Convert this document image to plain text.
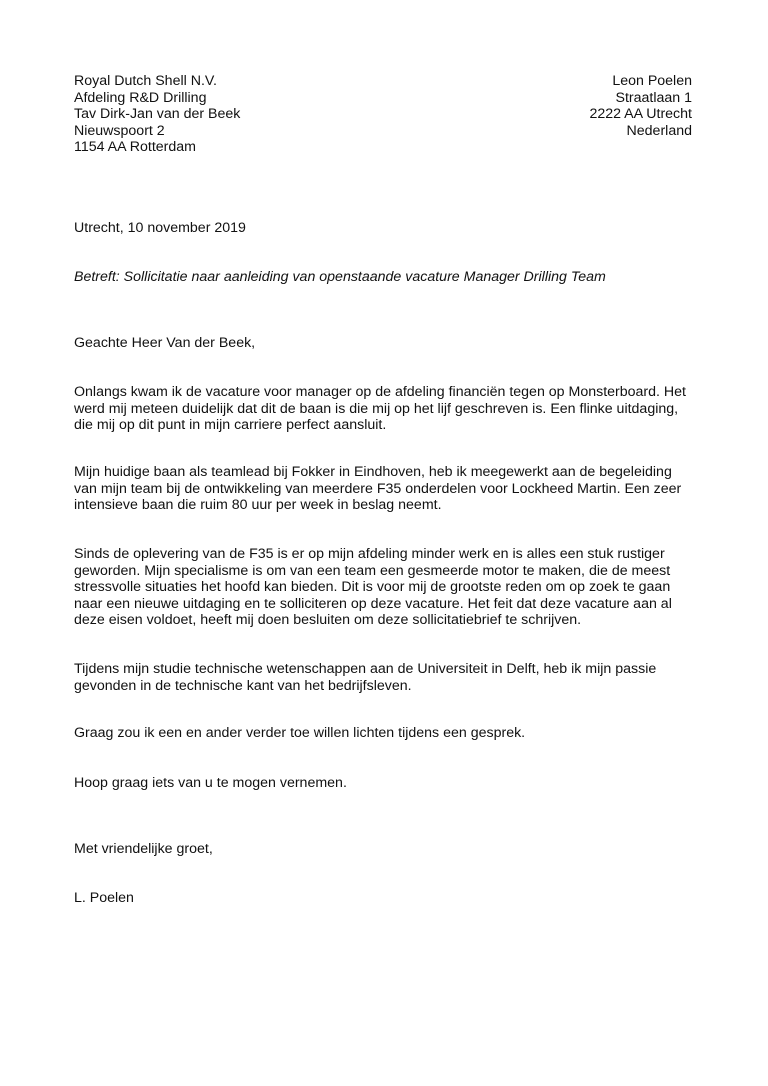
Royal Dutch Shell N.V.
Afdeling R&D Drilling
Tav Dirk-Jan van der Beek
Nieuwspoort 2
1154 AA Rotterdam
Leon Poelen
Straatlaan 1
2222 AA Utrecht
Nederland
Utrecht, 10 november 2019
Betreft: Sollicitatie naar aanleiding van openstaande vacature Manager Drilling Team
Geachte Heer Van der Beek,
Onlangs kwam ik de vacature voor manager op de afdeling financiën tegen op Monsterboard. Het
werd mij meteen duidelijk dat dit de baan is die mij op het lijf geschreven is. Een flinke uitdaging,
die mij op dit punt in mijn carriere perfect aansluit.
Mijn huidige baan als teamlead bij Fokker in Eindhoven, heb ik meegewerkt aan de begeleiding
van mijn team bij de ontwikkeling van meerdere F35 onderdelen voor Lockheed Martin. Een zeer
intensieve baan die ruim 80 uur per week in beslag neemt.
Sinds de oplevering van de F35 is er op mijn afdeling minder werk en is alles een stuk rustiger
geworden. Mijn specialisme is om van een team een gesmeerde motor te maken, die de meest
stressvolle situaties het hoofd kan bieden. Dit is voor mij de grootste reden om op zoek te gaan
naar een nieuwe uitdaging en te solliciteren op deze vacature. Het feit dat deze vacature aan al
deze eisen voldoet, heeft mij doen besluiten om deze sollicitatiebrief te schrijven.
Tijdens mijn studie technische wetenschappen aan de Universiteit in Delft, heb ik mijn passie
gevonden in de technische kant van het bedrijfsleven.
Graag zou ik een en ander verder toe willen lichten tijdens een gesprek.
Hoop graag iets van u te mogen vernemen.
Met vriendelijke groet,
L. Poelen
